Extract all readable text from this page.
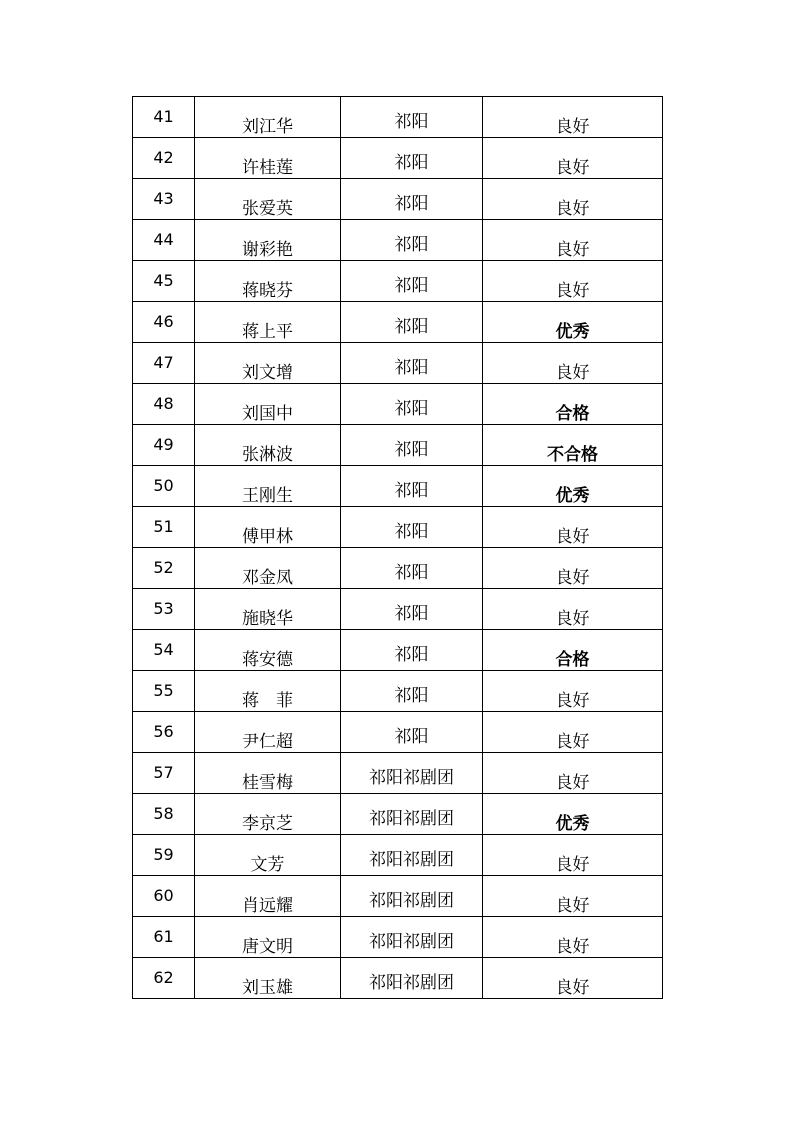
41	刘江华	祁阳	良好

42	许桂莲	祁阳	良好

43	张爱英	祁阳	良好

44	谢彩艳	祁阳	良好

45	蒋晓芬	祁阳	良好

46	蒋上平	祁阳	优秀

47	刘文增	祁阳	良好

48	刘国中	祁阳	合格

49	张淋波	祁阳	不合格

50	王刚生	祁阳	优秀

51	傅甲林	祁阳	良好

52	邓金凤	祁阳	良好

53	施晓华	祁阳	良好

54	蒋安德	祁阳	合格

55	蒋　菲	祁阳	良好

56	尹仁超	祁阳	良好

57	桂雪梅	祁阳祁剧团	良好

58	李京芝	祁阳祁剧团	优秀

59	文芳	祁阳祁剧团	良好

60	肖远耀	祁阳祁剧团	良好

61	唐文明	祁阳祁剧团	良好

62	刘玉雄	祁阳祁剧团	良好
